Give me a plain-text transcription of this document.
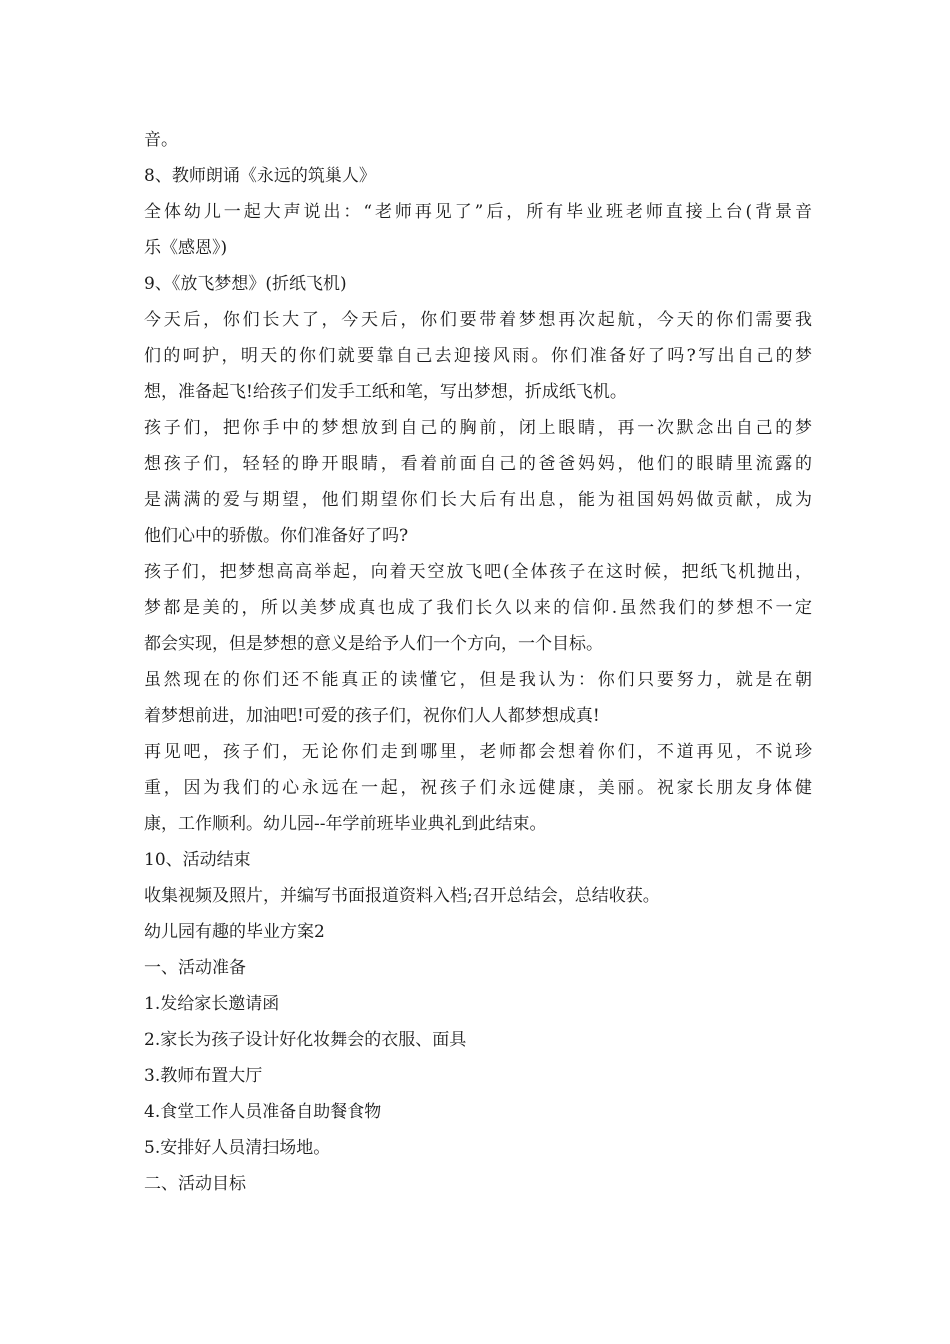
音。
8、教师朗诵《永远的筑巢人》
全体幼儿一起大声说出：“老师再见了”后，所有毕业班老师直接上台(背景音
乐《感恩》)
9、《放飞梦想》(折纸飞机)
今天后，你们长大了，今天后，你们要带着梦想再次起航，今天的你们需要我
们的呵护，明天的你们就要靠自己去迎接风雨。你们准备好了吗?写出自己的梦
想，准备起飞!给孩子们发手工纸和笔，写出梦想，折成纸飞机。
孩子们，把你手中的梦想放到自己的胸前，闭上眼睛，再一次默念出自己的梦
想孩子们，轻轻的睁开眼睛，看着前面自己的爸爸妈妈，他们的眼睛里流露的
是满满的爱与期望，他们期望你们长大后有出息，能为祖国妈妈做贡献，成为
他们心中的骄傲。你们准备好了吗?
孩子们，把梦想高高举起，向着天空放飞吧(全体孩子在这时候，把纸飞机抛出，
梦都是美的，所以美梦成真也成了我们长久以来的信仰.虽然我们的梦想不一定
都会实现，但是梦想的意义是给予人们一个方向，一个目标。
虽然现在的你们还不能真正的读懂它，但是我认为：你们只要努力，就是在朝
着梦想前进，加油吧!可爱的孩子们，祝你们人人都梦想成真!
再见吧，孩子们，无论你们走到哪里，老师都会想着你们，不道再见，不说珍
重，因为我们的心永远在一起，祝孩子们永远健康，美丽。祝家长朋友身体健
康，工作顺利。幼儿园--年学前班毕业典礼到此结束。
10、活动结束
收集视频及照片，并编写书面报道资料入档;召开总结会，总结收获。
幼儿园有趣的毕业方案2
一、活动准备
1.发给家长邀请函
2.家长为孩子设计好化妆舞会的衣服、面具
3.教师布置大厅
4.食堂工作人员准备自助餐食物
5.安排好人员清扫场地。
二、活动目标
